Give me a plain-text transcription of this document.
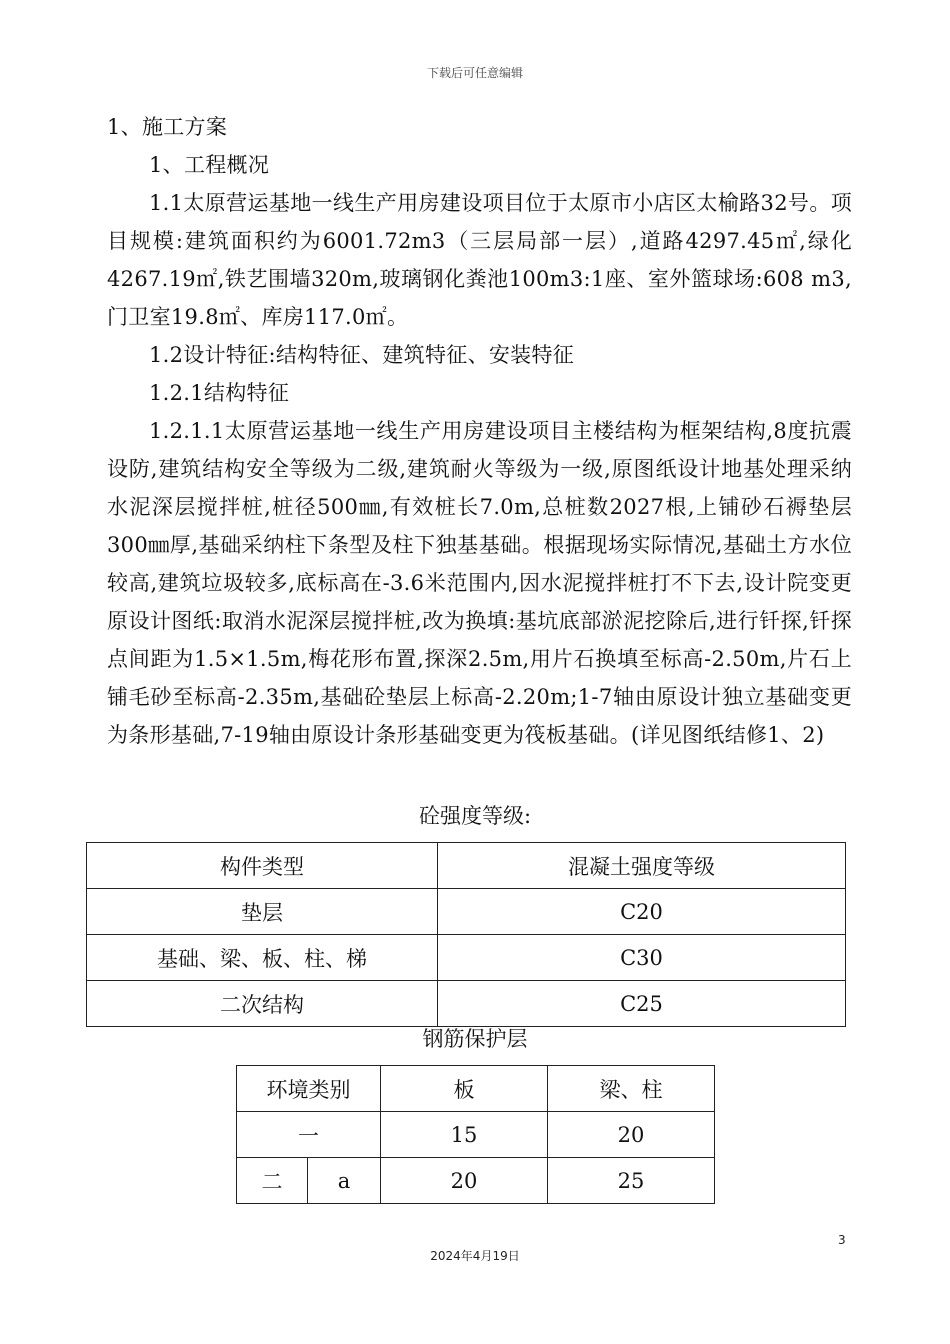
下载后可任意编辑

1、施工方案

1、工程概况

1.1太原营运基地一线生产用房建设项目位于太原市小店区太榆路32号。项目规模:建筑面积约为6001.72m3（三层局部一层）,道路4297.45㎡,绿化4267.19㎡,铁艺围墙320m,玻璃钢化粪池100m3:1座、室外篮球场:608 m3,门卫室19.8㎡、库房117.0㎡。

1.2设计特征:结构特征、建筑特征、安装特征

1.2.1结构特征

1.2.1.1太原营运基地一线生产用房建设项目主楼结构为框架结构,8度抗震设防,建筑结构安全等级为二级,建筑耐火等级为一级,原图纸设计地基处理采纳水泥深层搅拌桩,桩径500㎜,有效桩长7.0m,总桩数2027根,上铺砂石褥垫层300㎜厚,基础采纳柱下条型及柱下独基基础。根据现场实际情况,基础土方水位较高,建筑垃圾较多,底标高在-3.6米范围内,因水泥搅拌桩打不下去,设计院变更原设计图纸:取消水泥深层搅拌桩,改为换填:基坑底部淤泥挖除后,进行钎探,钎探点间距为1.5×1.5m,梅花形布置,探深2.5m,用片石换填至标高-2.50m,片石上铺毛砂至标高-2.35m,基础砼垫层上标高-2.20m;1-7轴由原设计独立基础变更为条形基础,7-19轴由原设计条形基础变更为筏板基础。(详见图纸结修1、2)

砼强度等级:

构件类型	混凝土强度等级
垫层	C20
基础、梁、板、柱、梯	C30
二次结构	C25

钢筋保护层

环境类别		板	梁、柱
一		15	20
二	a	20	25
3
2024年4月19日
